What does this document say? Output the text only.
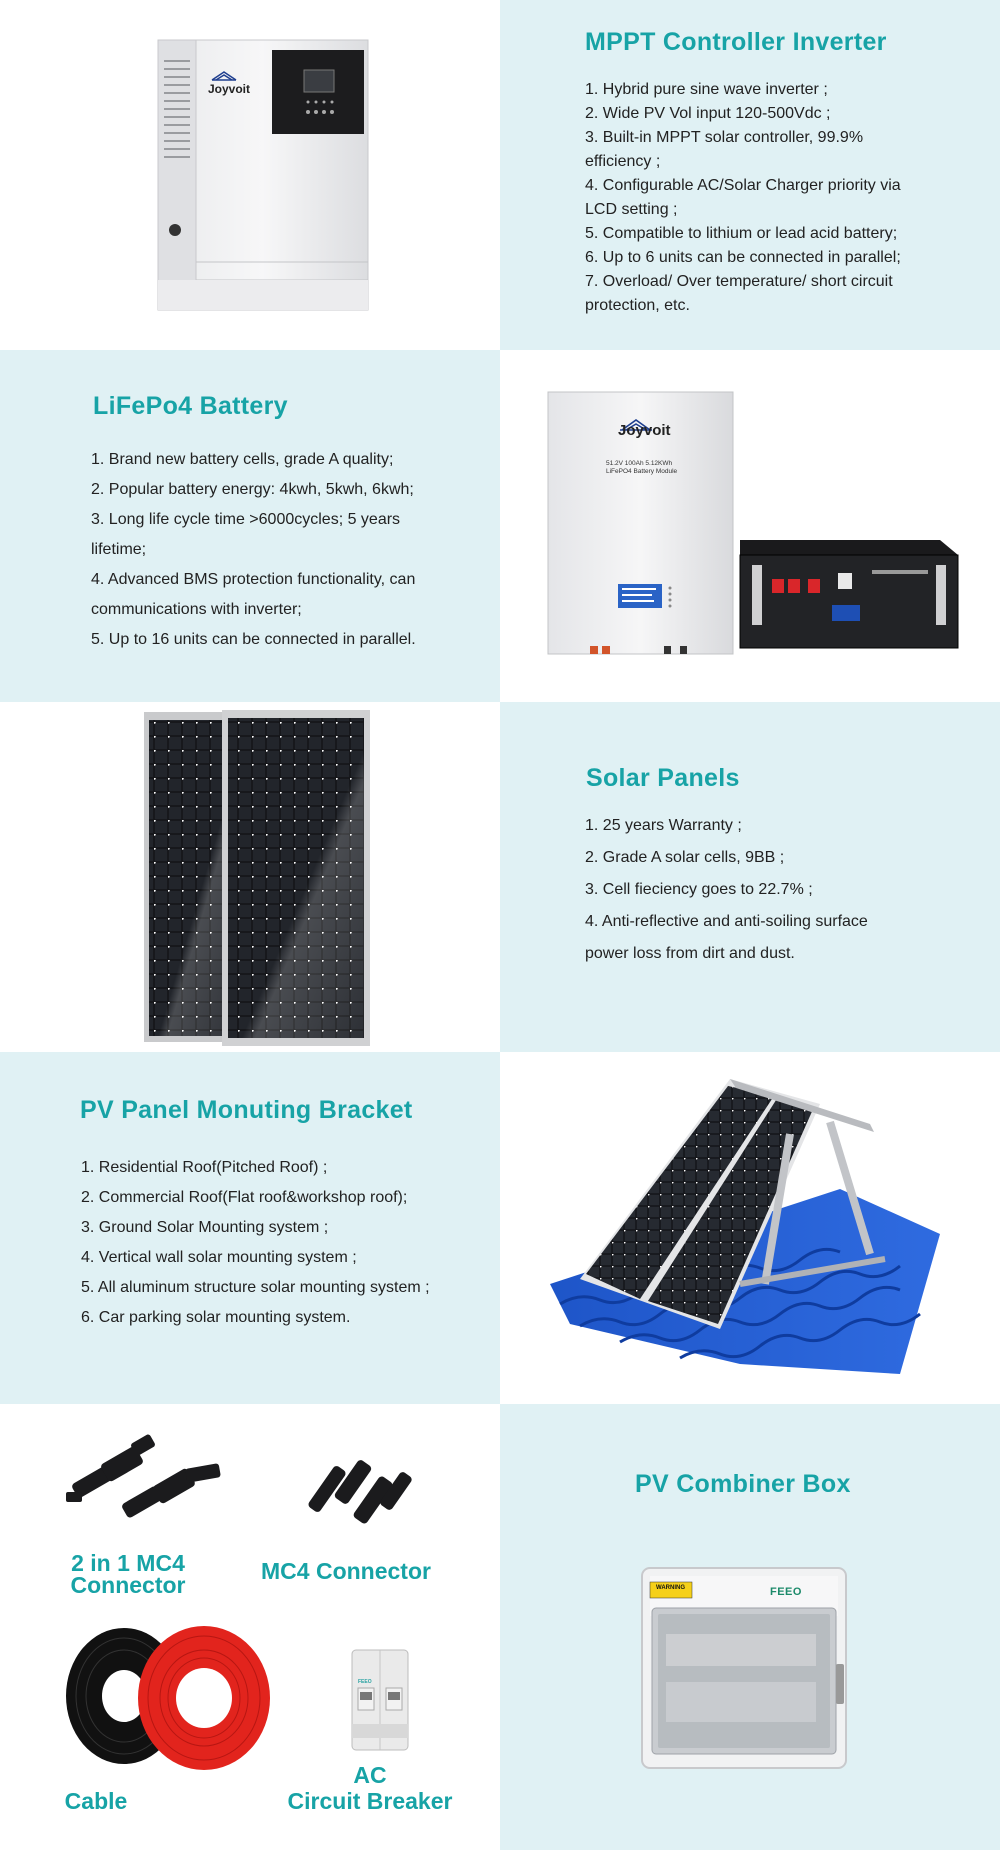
Joyvoit
MPPT Controller Inverter
1. Hybrid pure sine wave inverter ;
2. Wide PV Vol input 120-500Vdc ;
3. Built-in MPPT solar controller, 99.9%
efficiency ;
4. Configurable AC/Solar Charger priority via
LCD setting ;
5. Compatible to lithium or lead acid battery;
6. Up to 6 units can be connected in parallel;
7. Overload/ Over temperature/ short circuit
protection, etc.
LiFePo4 Battery
1. Brand new battery cells, grade A quality;
2. Popular battery energy: 4kwh, 5kwh, 6kwh;
3. Long life cycle time >6000cycles; 5 years
lifetime;
4. Advanced BMS protection functionality, can
communications with inverter;
5. Up to 16 units can be connected in parallel.
Joyvoit
51.2V 100Ah 5.12KWh
LiFePO4 Battery Module
Solar Panels
1. 25 years Warranty ;
2. Grade A solar cells, 9BB ;
3. Cell fieciency goes to 22.7% ;
4. Anti-reflective and anti-soiling surface
power loss from dirt and dust.
PV Panel Monuting Bracket
1. Residential Roof(Pitched Roof) ;
2. Commercial Roof(Flat roof&workshop roof);
3. Ground Solar Mounting system ;
4. Vertical wall solar mounting system ;
5. All aluminum structure solar mounting system ;
6. Car parking solar mounting system.
2 in 1 MC4
Connector
MC4 Connector
Cable
FEEO
AC
Circuit Breaker
PV Combiner Box
WARNING	FEEO
